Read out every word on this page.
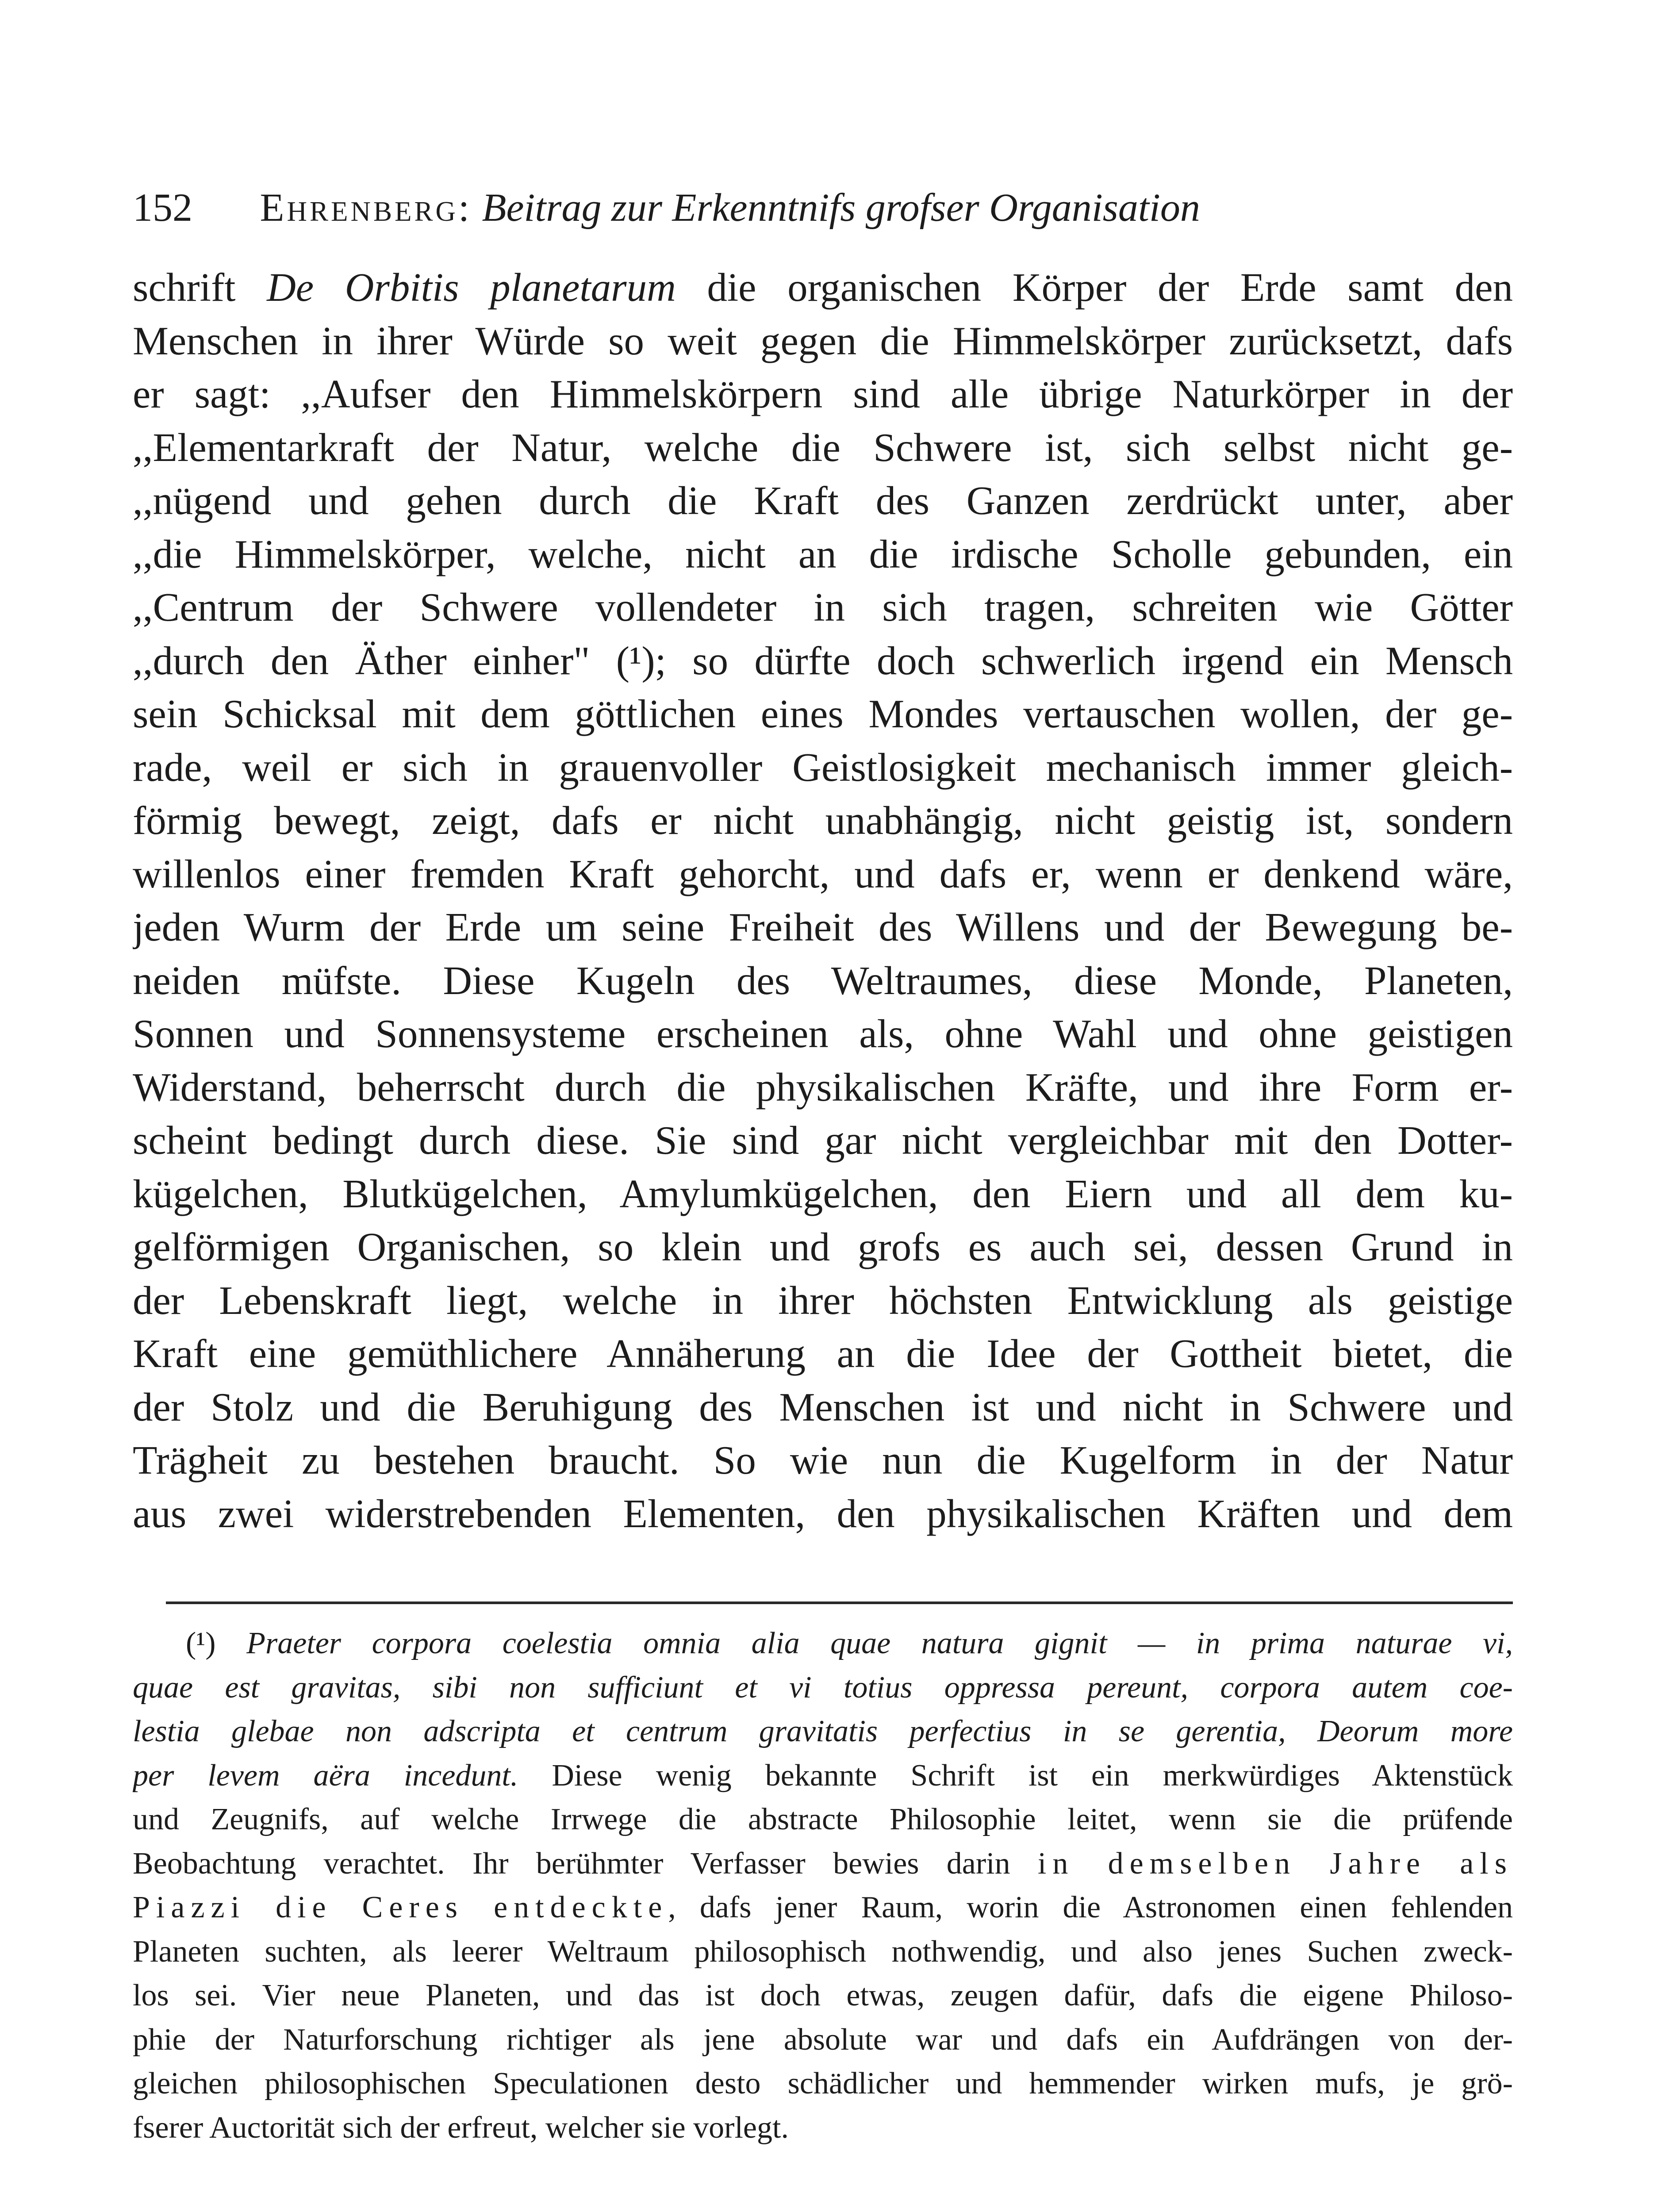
152 Ehrenberg: Beitrag zur Erkenntnifs grofser Organisation
schrift De Orbitis planetarum die organischen Körper der Erde samt den
Menschen in ihrer Würde so weit gegen die Himmelskörper zurücksetzt, dafs
er sagt: ,,Aufser den Himmelskörpern sind alle übrige Naturkörper in der
,,Elementarkraft der Natur, welche die Schwere ist, sich selbst nicht ge-
,,nügend und gehen durch die Kraft des Ganzen zerdrückt unter, aber
,,die Himmelskörper, welche, nicht an die irdische Scholle gebunden, ein
,,Centrum der Schwere vollendeter in sich tragen, schreiten wie Götter
,,durch den Äther einher" (¹); so dürfte doch schwerlich irgend ein Mensch
sein Schicksal mit dem göttlichen eines Mondes vertauschen wollen, der ge-
rade, weil er sich in grauenvoller Geistlosigkeit mechanisch immer gleich-
förmig bewegt, zeigt, dafs er nicht unabhängig, nicht geistig ist, sondern
willenlos einer fremden Kraft gehorcht, und dafs er, wenn er denkend wäre,
jeden Wurm der Erde um seine Freiheit des Willens und der Bewegung be-
neiden müfste. Diese Kugeln des Weltraumes, diese Monde, Planeten,
Sonnen und Sonnensysteme erscheinen als, ohne Wahl und ohne geistigen
Widerstand, beherrscht durch die physikalischen Kräfte, und ihre Form er-
scheint bedingt durch diese. Sie sind gar nicht vergleichbar mit den Dotter-
kügelchen, Blutkügelchen, Amylumkügelchen, den Eiern und all dem ku-
gelförmigen Organischen, so klein und grofs es auch sei, dessen Grund in
der Lebenskraft liegt, welche in ihrer höchsten Entwicklung als geistige
Kraft eine gemüthlichere Annäherung an die Idee der Gottheit bietet, die
der Stolz und die Beruhigung des Menschen ist und nicht in Schwere und
Trägheit zu bestehen braucht. So wie nun die Kugelform in der Natur
aus zwei widerstrebenden Elementen, den physikalischen Kräften und dem
(¹) Praeter corpora coelestia omnia alia quae natura gignit — in prima naturae vi,
quae est gravitas, sibi non sufficiunt et vi totius oppressa pereunt, corpora autem coe-
lestia glebae non adscripta et centrum gravitatis perfectius in se gerentia, Deorum more
per levem aëra incedunt. Diese wenig bekannte Schrift ist ein merkwürdiges Aktenstück
und Zeugnifs, auf welche Irrwege die abstracte Philosophie leitet, wenn sie die prüfende
Beobachtung verachtet. Ihr berühmter Verfasser bewies darin in demselben Jahre als
Piazzi die Ceres entdeckte, dafs jener Raum, worin die Astronomen einen fehlenden
Planeten suchten, als leerer Weltraum philosophisch nothwendig, und also jenes Suchen zweck-
los sei. Vier neue Planeten, und das ist doch etwas, zeugen dafür, dafs die eigene Philoso-
phie der Naturforschung richtiger als jene absolute war und dafs ein Aufdrängen von der-
gleichen philosophischen Speculationen desto schädlicher und hemmender wirken mufs, je grö-
fserer Auctorität sich der erfreut, welcher sie vorlegt.
